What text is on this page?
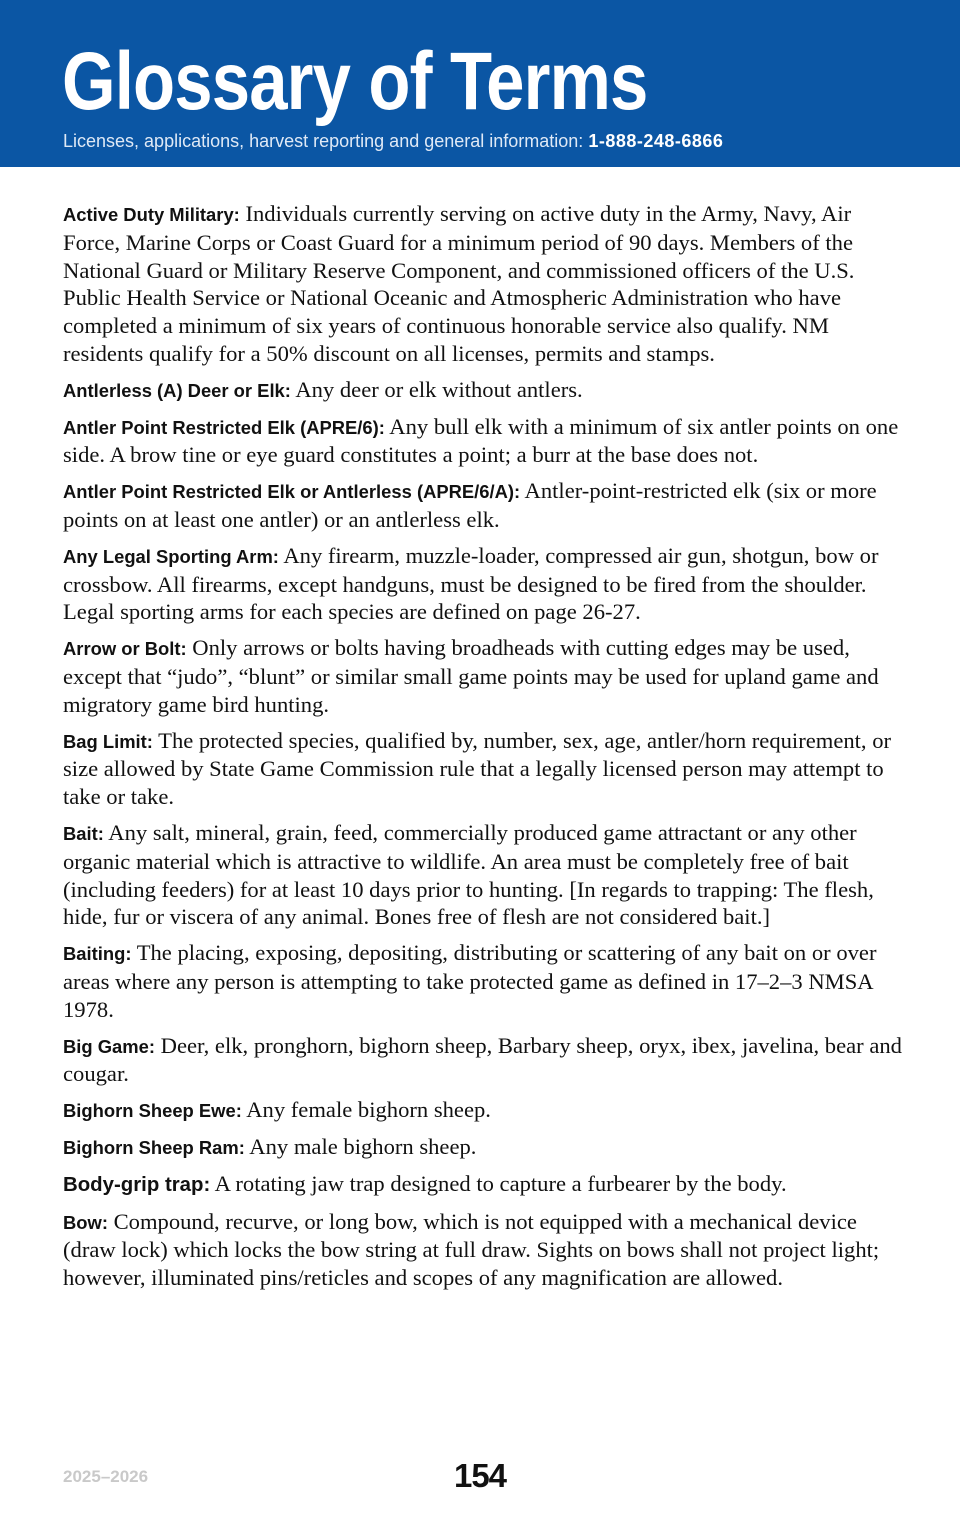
Glossary of Terms
Licenses, applications, harvest reporting and general information: 1-888-248-6866

Active Duty Military: Individuals currently serving on active duty in the Army, Navy, Air Force, Marine Corps or Coast Guard for a minimum period of 90 days. Members of the National Guard or Military Reserve Component, and commissioned officers of the U.S. Public Health Service or National Oceanic and Atmospheric Administration who have completed a minimum of six years of continuous honorable service also qualify. NM residents qualify for a 50% discount on all licenses, permits and stamps.

Antlerless (A) Deer or Elk: Any deer or elk without antlers.

Antler Point Restricted Elk (APRE/6): Any bull elk with a minimum of six antler points on one side. A brow tine or eye guard constitutes a point; a burr at the base does not.

Antler Point Restricted Elk or Antlerless (APRE/6/A): Antler-point-restricted elk (six or more points on at least one antler) or an antlerless elk.

Any Legal Sporting Arm: Any firearm, muzzle-loader, compressed air gun, shotgun, bow or crossbow. All firearms, except handguns, must be designed to be fired from the shoulder. Legal sporting arms for each species are defined on page 26-27.

Arrow or Bolt: Only arrows or bolts having broadheads with cutting edges may be used, except that “judo”, “blunt” or similar small game points may be used for upland game and migratory game bird hunting.

Bag Limit: The protected species, qualified by, number, sex, age, antler/horn requirement, or size allowed by State Game Commission rule that a legally licensed person may attempt to take or take.

Bait: Any salt, mineral, grain, feed, commercially produced game attractant or any other organic material which is attractive to wildlife. An area must be completely free of bait (including feeders) for at least 10 days prior to hunting. [In regards to trapping: The flesh, hide, fur or viscera of any animal. Bones free of flesh are not considered bait.]

Baiting: The placing, exposing, depositing, distributing or scattering of any bait on or over areas where any person is attempting to take protected game as defined in 17–2–3 NMSA 1978.

Big Game: Deer, elk, pronghorn, bighorn sheep, Barbary sheep, oryx, ibex, javelina, bear and cougar.

Bighorn Sheep Ewe: Any female bighorn sheep.

Bighorn Sheep Ram: Any male bighorn sheep.

Body-grip trap: A rotating jaw trap designed to capture a furbearer by the body.

Bow: Compound, recurve, or long bow, which is not equipped with a mechanical device (draw lock) which locks the bow string at full draw. Sights on bows shall not project light; however, illuminated pins/reticles and scopes of any magnification are allowed.

2025–2026	154
